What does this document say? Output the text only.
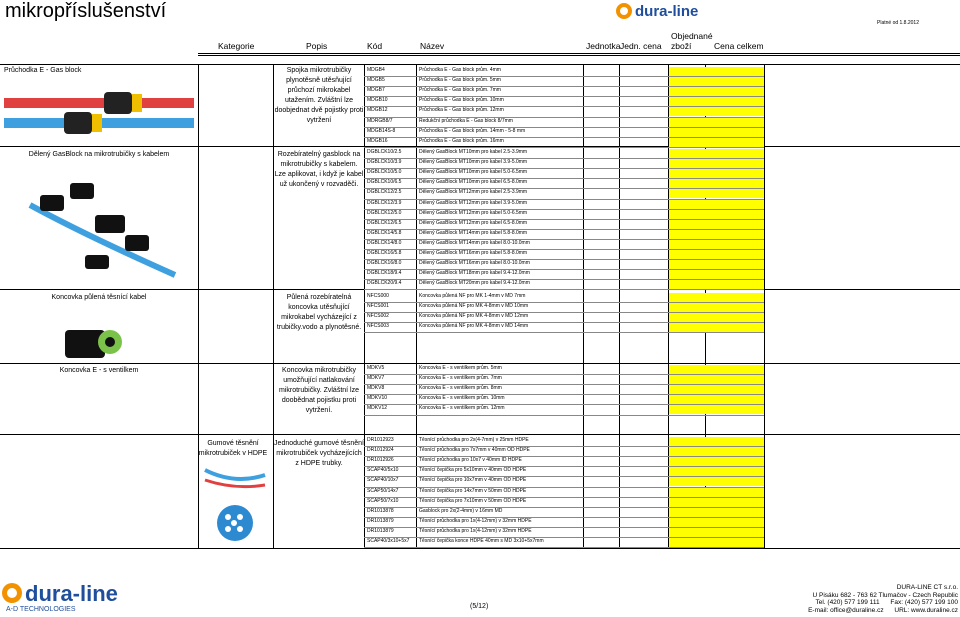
mikropříslušenství	dura-line
Platné od 1.8.2012
Kategorie	Popis	Kód	Název	Jednotka Jedn. cena
Objednané
zboží	Cena celkem
Průchodka E - Gas block	Spojka mikrotrubičky plynotěsně utěsňující průchozí mikrokabel utažením. Zvláštní lze doobjednat dvě pojistky proti vytržení
MDGB4	Průchodka E - Gas block prům. 4mm
MDGB5	Průchodka E - Gas block prům. 5mm
MDGB7	Průchodka E - Gas block prům. 7mm
MDGB10	Průchodka E - Gas block prům. 10mm
MDGB12	Průchodka E - Gas block prům. 12mm
MDRGB8/7	Redukční průchodka E - Gas block 8/7mm
MDGB14S-8	Průchodka E - Gas block prům. 14mm - 5-8 mm
MDGB16	Průchodka E - Gas block prům. 16mm
Dělený GasBlock na mikrotrubičky s kabelem	Rozebíratelný gasblock na mikrotrubičky s kabelem. Lze aplikovat, i když je kabel už ukončený v rozvaděči.
DGBLCK10/2.5	Dělený GasBlock MT10mm pro kabel 2.5-3.9mm
DGBLCK10/3.9	Dělený GasBlock MT10mm pro kabel 3.9-5.0mm
DGBLCK10/5.0	Dělený GasBlock MT10mm pro kabel 5.0-6.5mm
DGBLCK10/6.5	Dělený GasBlock MT10mm pro kabel 6.5-8.0mm
DGBLCK12/2.5	Dělený GasBlock MT12mm pro kabel 2.5-3.9mm
DGBLCK12/3.9	Dělený GasBlock MT12mm pro kabel 3.9-5.0mm
DGBLCK12/5.0	Dělený GasBlock MT12mm pro kabel 5.0-6.5mm
DGBLCK12/6.5	Dělený GasBlock MT12mm pro kabel 6.5-8.0mm
DGBLCK14/5.8	Dělený GasBlock MT14mm pro kabel 5.8-8.0mm
DGBLCK14/8.0	Dělený GasBlock MT14mm pro kabel 8.0-10.0mm
DGBLCK16/5.8	Dělený GasBlock MT16mm pro kabel 5.8-8.0mm
DGBLCK16/8.0	Dělený GasBlock MT16mm pro kabel 8.0-10.0mm
DGBLCK18/9.4	Dělený GasBlock MT18mm pro kabel 9.4-12.0mm
DGBLCK20/9.4	Dělený GasBlock MT20mm pro kabel 9.4-12.0mm
Koncovka půlená těsnící kabel	Půlená rozebíratelná koncovka utěsňující mikrokabel vycházející z trubičky.vodo a plynotěsné.
NFCS000	Koncovka půlená NF pro MK 1-4mm v MD 7mm
NFCS001	Koncovka půlená NF pro MK 4-8mm v MD 10mm
NFCS002	Koncovka půlená NF pro MK 4-8mm v MD 12mm
NFCS003	Koncovka půlená NF pro MK 4-8mm v MD 14mm
Koncovka E - s ventilkem	Koncovka mikrotrubičky umožňující natlakování mikrotrubičky. Zvláštní lze doobědnat pojistku proti vytržení.
MDKV5	Koncovka E - s ventilkem prům. 5mm
MDKV7	Koncovka E - s ventilkem prům. 7mm
MDKV8	Koncovka E - s ventilkem prům. 8mm
MDKV10	Koncovka E - s ventilkem prům. 10mm
MDKV12	Koncovka E - s ventilkem prům. 12mm
Gumové těsnění mikrotrubiček v HDPE
Jednoduché gumové těsnění mikrotrubiček vycházejících z HDPE trubky.
DR1012923	Těsnící průchodka pro 2x(4-7mm) v 25mm HDPE
DR1012924	Těsnící průchodka pro 7x7mm v 40mm OD HDPE
DR1012926	Těsnící průchodka pro 10x7 v 40mm ID HDPE
SCAP40/5x10	Těsnící čepička pro 5x10mm v 40mm OD HDPE
SCAP40/10x7	Těsnící čepička pro 10x7mm v 40mm OD HDPE
SCAP50/14x7	Těsnící čepička pro 14x7mm v 50mm OD HDPE
SCAP50/7x10	Těsnící čepička pro 7x10mm v 50mm OD HDPE
DR1013878	Gasblock pro 2x(2-4mm) v 16mm MD
DR1013879	Těsnící průchodka pro 1x(4-12mm) v 32mm HDPE
DR1013879	Těsnící průchodka pro 1x(4-12mm) v 32mm HDPE
SCAP40/3x10+5x7 Těsnící čepička konce HDPE 40mm s MD 3x10+5x7mm
dura-line
A-D TECHNOLOGIES	(5/12)
DURA-LINE CT s.r.o.
U Pisáku 682 - 763 62 Tlumačov - Czech Republic
Tel. (420) 577 199 111 Fax: (420) 577 199 100
E-mail: office@duraline.cz URL: www.duraline.cz
